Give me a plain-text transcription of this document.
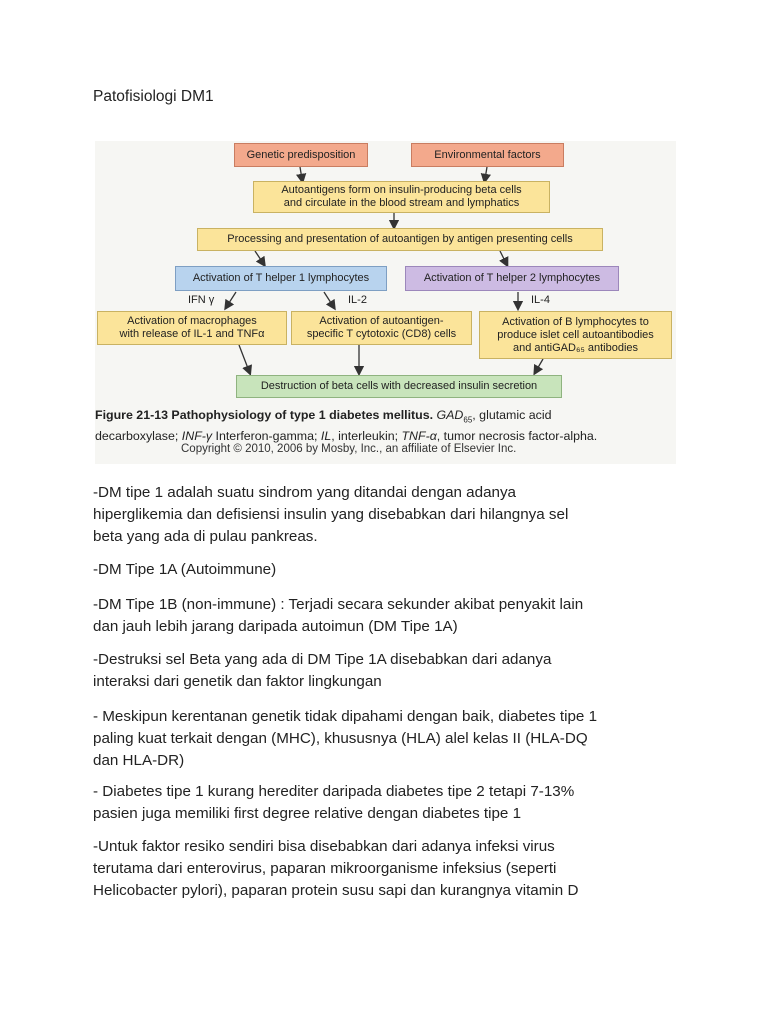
Patofisiologi DM1
Genetic predisposition	Environmental factors
Autoantigens form on insulin-producing beta cells
and circulate in the blood stream and lymphatics
Processing and presentation of autoantigen by antigen presenting cells
Activation of T helper 1 lymphocytes	Activation of T helper 2 lymphocytes
IFN γ	IL-2	IL-4
Activation of macrophages
with release of IL-1 and TNFα
Activation of autoantigen-
specific T cytotoxic (CD8) cells
Activation of B lymphocytes to
produce islet cell autoantibodies
and antiGAD₆₅ antibodies
Destruction of beta cells with decreased insulin secretion
Figure 21-13 Pathophysiology of type 1 diabetes mellitus. $GAD_{65}$, glutamic acid
decarboxylase; INF-γ Interferon-gamma; IL, interleukin; TNF-α, tumor necrosis factor-alpha.
Copyright © 2010, 2006 by Mosby, Inc., an affiliate of Elsevier Inc.
-DM tipe 1 adalah suatu sindrom yang ditandai dengan adanya
hiperglikemia dan defisiensi insulin yang disebabkan dari hilangnya sel
beta yang ada di pulau pankreas.
-DM Tipe 1A (Autoimmune)
-DM Tipe 1B (non-immune) : Terjadi secara sekunder akibat penyakit lain
dan jauh lebih jarang daripada autoimun (DM Tipe 1A)
-Destruksi sel Beta yang ada di DM Tipe 1A disebabkan dari adanya
interaksi dari genetik dan faktor lingkungan
- Meskipun kerentanan genetik tidak dipahami dengan baik, diabetes tipe 1
paling kuat terkait dengan (MHC), khususnya (HLA) alel kelas II (HLA-DQ
dan HLA-DR)
- Diabetes tipe 1 kurang herediter daripada diabetes tipe 2 tetapi 7-13%
pasien juga memiliki first degree relative dengan diabetes tipe 1
-Untuk faktor resiko sendiri bisa disebabkan dari adanya infeksi virus
terutama dari enterovirus, paparan mikroorganisme infeksius (seperti
Helicobacter pylori), paparan protein susu sapi dan kurangnya vitamin D
